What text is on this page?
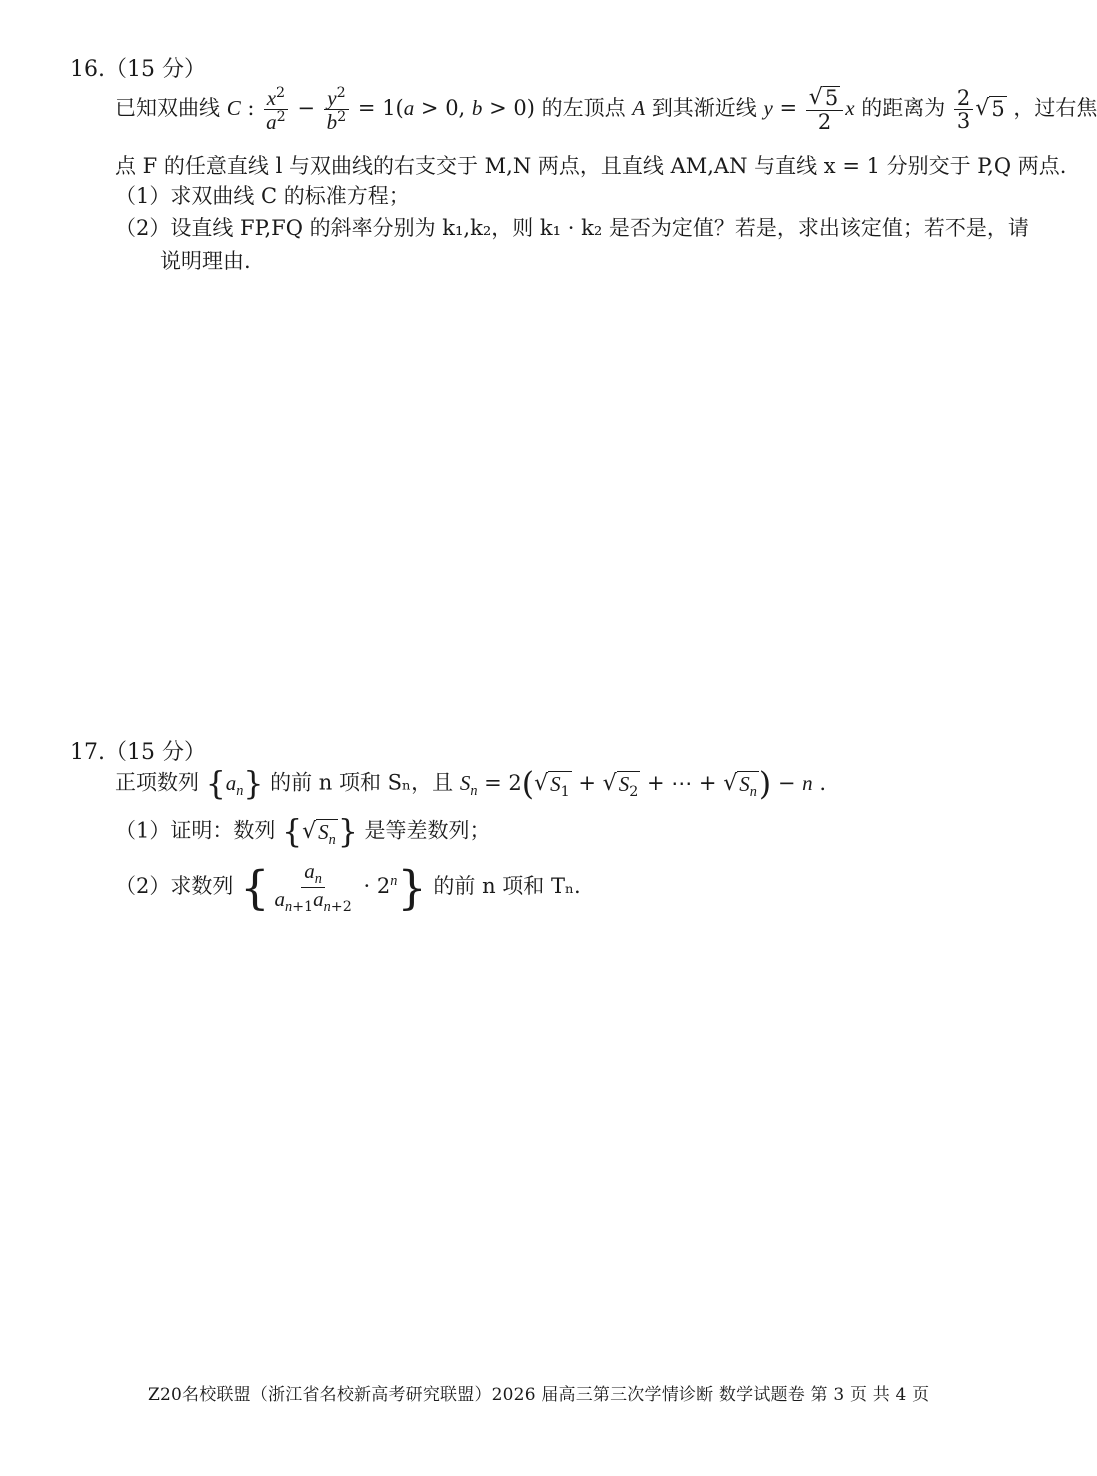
16.（15 分）
已知双曲线 C : $\frac{x^2}{a^2} - \frac{y^2}{b^2} = 1(a > 0$, b > 0) 的左顶点 A 到其渐近线 $y = \frac{√ 5}{2}$ x 的距离为 $\frac{2}{3}$ √ 5 ，过右焦
点 F 的任意直线 l 与双曲线的右支交于 M,N 两点，且直线 AM,AN 与直线 x = 1 分别交于 P,Q 两点.
（1）求双曲线 C 的标准方程；
（2）设直线 FP,FQ 的斜率分别为 k₁,k₂，则 k₁ · k₂ 是否为定值？若是，求出该定值；若不是，请
说明理由.
17.（15 分）
正项数列 $\{a_n\}$ 的前 n 项和 Sₙ，且 $S_n = 2$( √ $S_1$ + √ $S_2$ + ⋯ + √ $S_n$ ) − n .
（1）证明：数列 { √ $S_n$ } 是等差数列；
（2）求数列 { $\frac{a_n}{a_{n+1}a_{n+2}} \cdot 2^n$} 的前 n 项和 Tₙ.
Z20名校联盟（浙江省名校新高考研究联盟）2026 届高三第三次学情诊断 数学试题卷 第 3 页 共 4 页
